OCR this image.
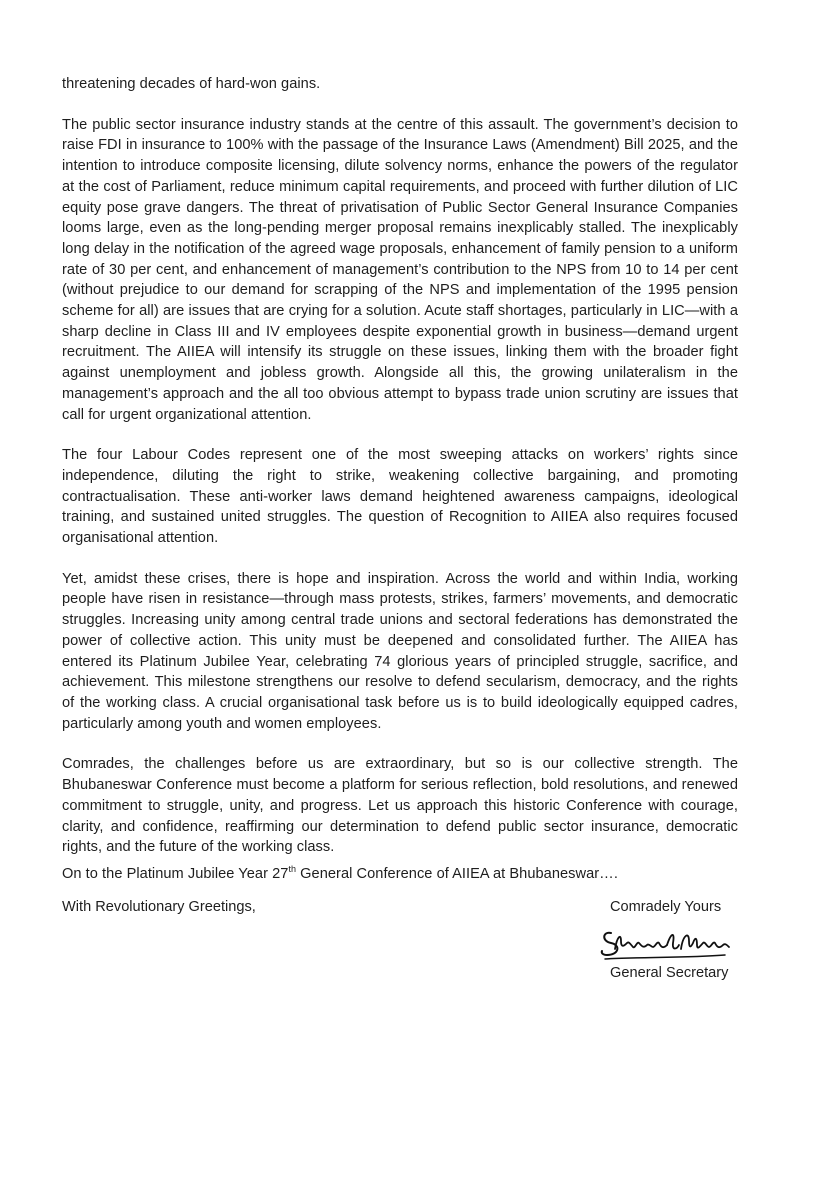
threatening decades of hard-won gains.

The public sector insurance industry stands at the centre of this assault. The government’s decision to raise FDI in insurance to 100% with the passage of the Insurance Laws (Amendment) Bill 2025, and the intention to introduce composite licensing, dilute solvency norms, enhance the powers of the regulator at the cost of Parliament, reduce minimum capital requirements, and proceed with further dilution of LIC equity pose grave dangers. The threat of privatisation of Public Sector General Insurance Companies looms large, even as the long-pending merger proposal remains inexplicably stalled. The inexplicably long delay in the notification of the agreed wage proposals, enhancement of family pension to a uniform rate of 30 per cent, and enhancement of management’s contribution to the NPS from 10 to 14 per cent (without prejudice to our demand for scrapping of the NPS and implementation of the 1995 pension scheme for all) are issues that are crying for a solution. Acute staff shortages, particularly in LIC—with a sharp decline in Class III and IV employees despite exponential growth in business—demand urgent recruitment. The AIIEA will intensify its struggle on these issues, linking them with the broader fight against unemployment and jobless growth. Alongside all this, the growing unilateralism in the management’s approach and the all too obvious attempt to bypass trade union scrutiny are issues that call for urgent organizational attention.

The four Labour Codes represent one of the most sweeping attacks on workers’ rights since independence, diluting the right to strike, weakening collective bargaining, and promoting contractualisation. These anti-worker laws demand heightened awareness campaigns, ideological training, and sustained united struggles. The question of Recognition to AIIEA also requires focused organisational attention.

Yet, amidst these crises, there is hope and inspiration. Across the world and within India, working people have risen in resistance—through mass protests, strikes, farmers’ movements, and democratic struggles. Increasing unity among central trade unions and sectoral federations has demonstrated the power of collective action. This unity must be deepened and consolidated further. The AIIEA has entered its Platinum Jubilee Year, celebrating 74 glorious years of principled struggle, sacrifice, and achievement. This milestone strengthens our resolve to defend secularism, democracy, and the rights of the working class. A crucial organisational task before us is to build ideologically equipped cadres, particularly among youth and women employees.

Comrades, the challenges before us are extraordinary, but so is our collective strength. The Bhubaneswar Conference must become a platform for serious reflection, bold resolutions, and renewed commitment to struggle, unity, and progress. Let us approach this historic Conference with courage, clarity, and confidence, reaffirming our determination to defend public sector insurance, democratic rights, and the future of the working class.

On to the Platinum Jubilee Year 27th General Conference of AIIEA at Bhubaneswar….

With Revolutionary Greetings,	Comradely Yours
General Secretary
